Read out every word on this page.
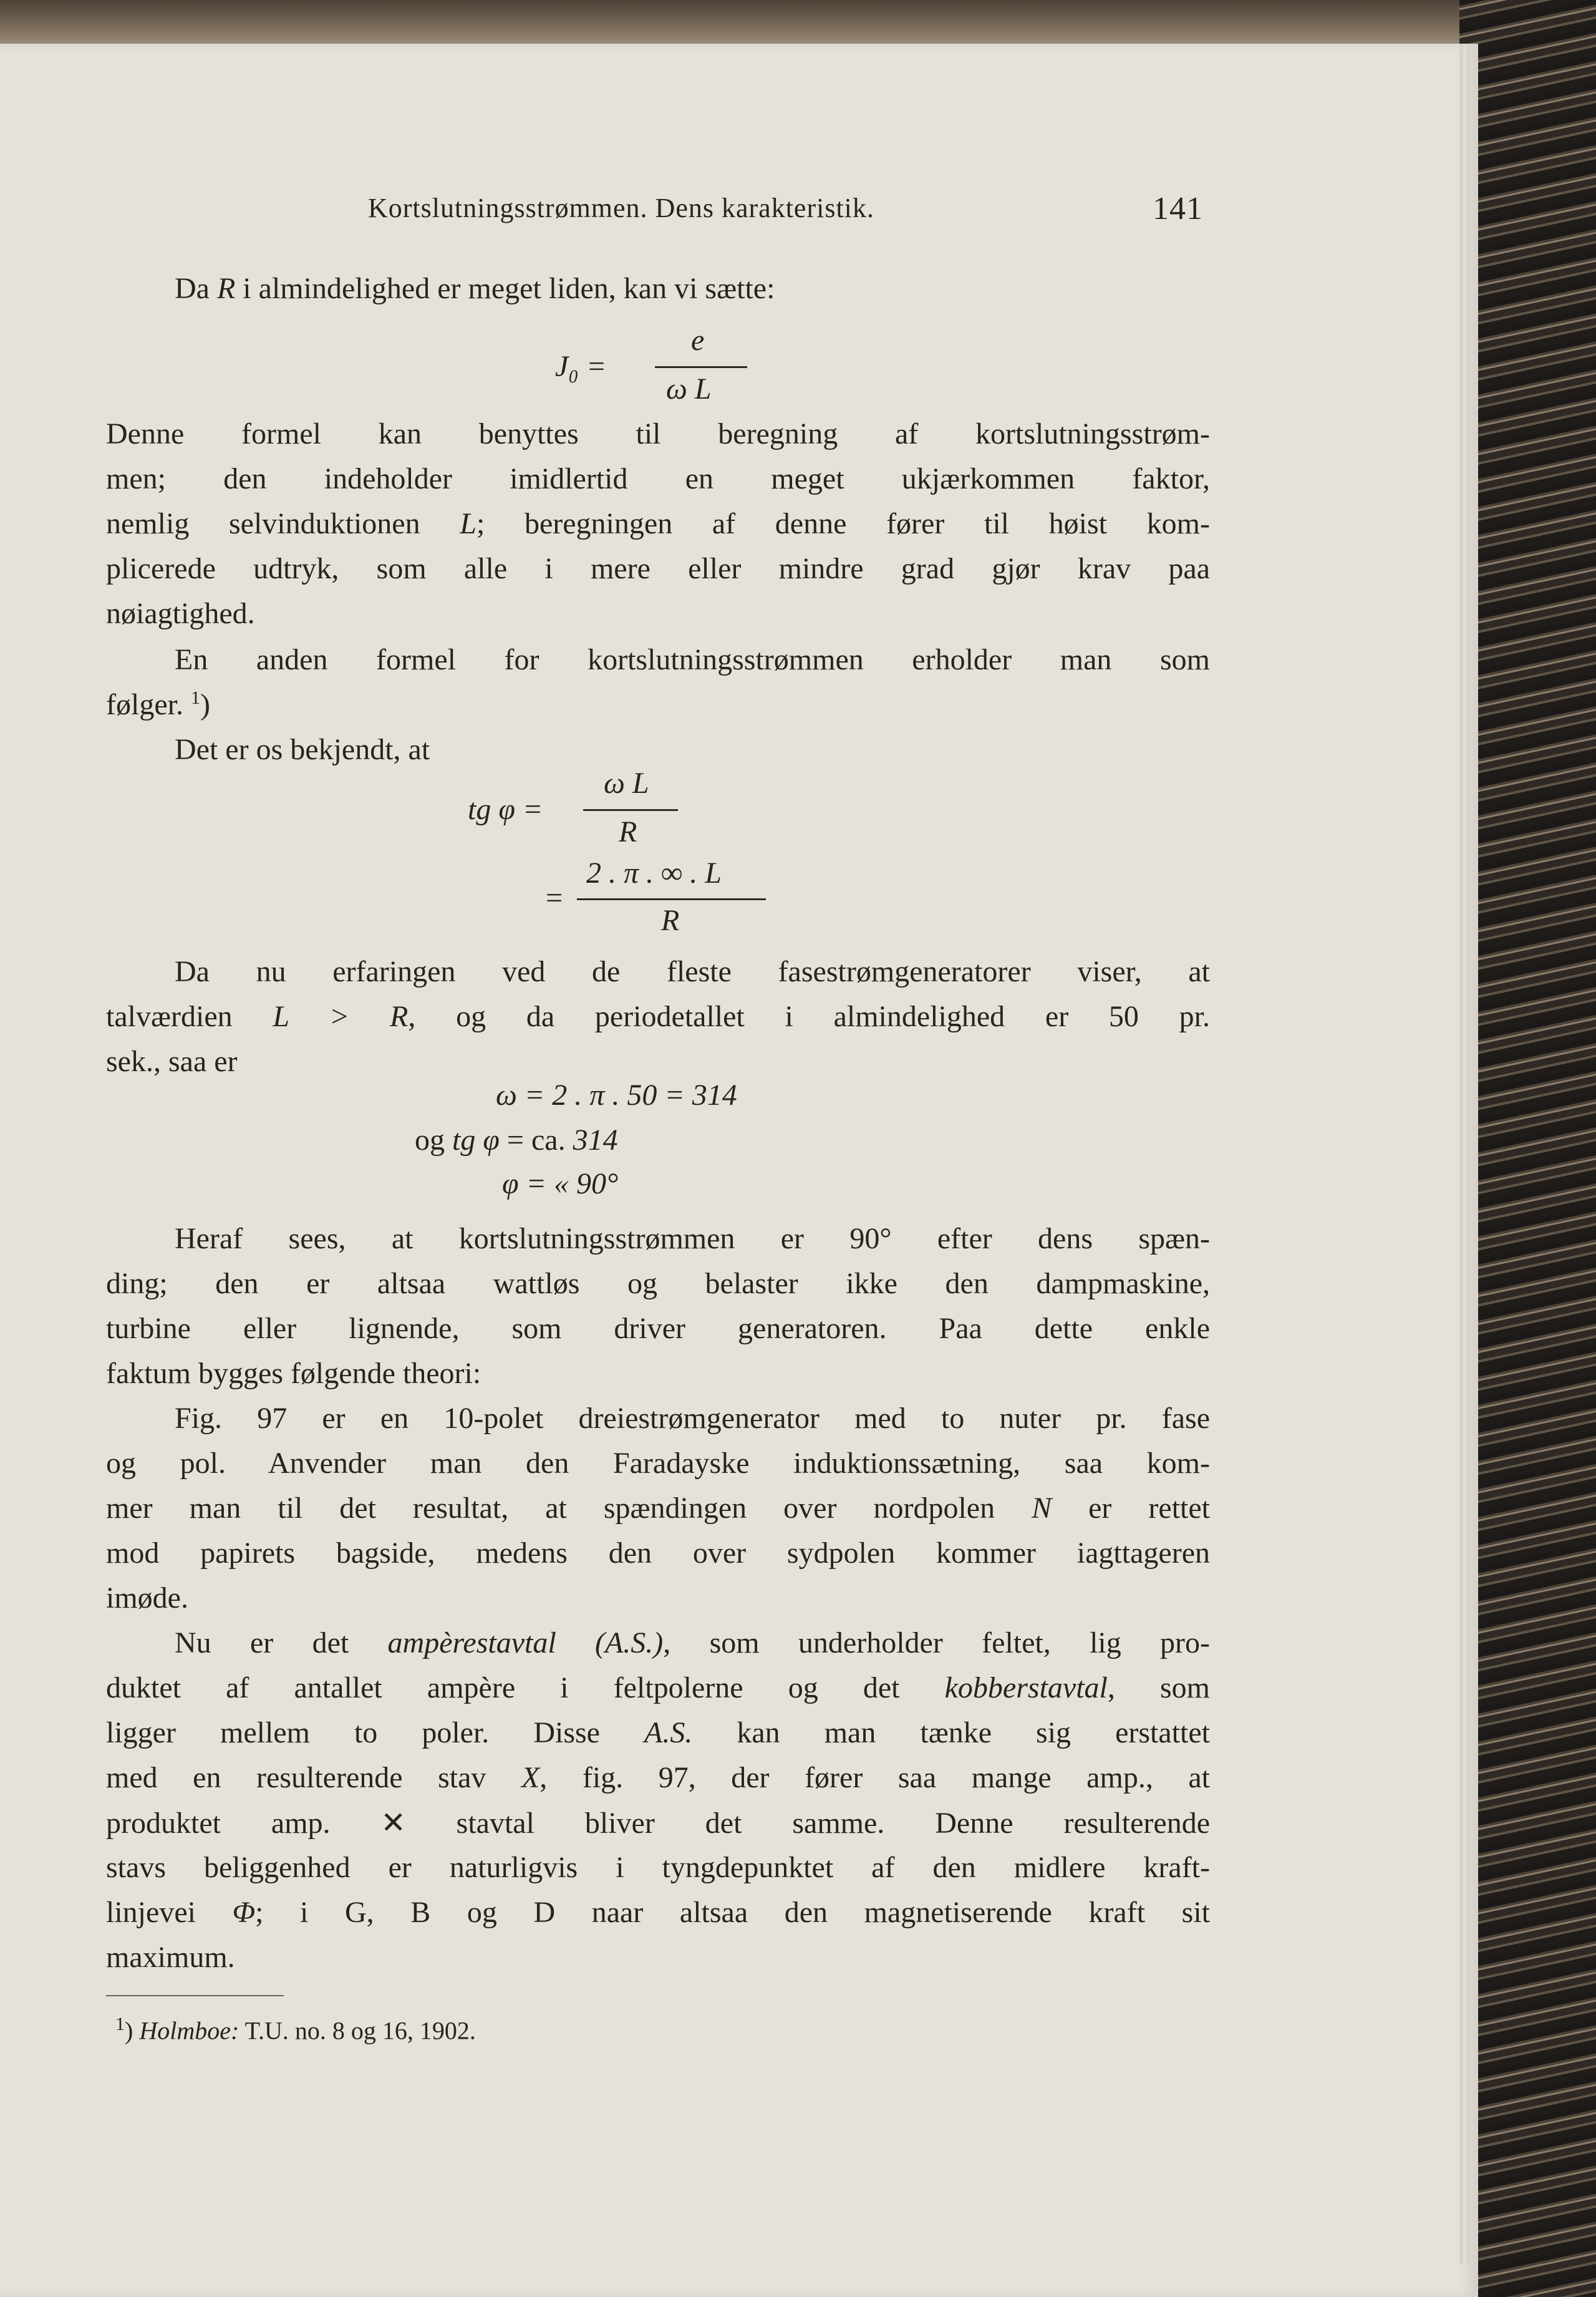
Kortslutningsstrømmen. Dens karakteristik.	141
Da R i almindelighed er meget liden, kan vi sætte:
J₀ =
e
ω L
Denne formel kan benyttes til beregning af kortslutningsstrøm-
men; den indeholder imidlertid en meget ukjærkommen faktor,
nemlig selvinduktionen L; beregningen af denne fører til høist kom-
plicerede udtryk, som alle i mere eller mindre grad gjør krav paa
nøiagtighed.
En anden formel for kortslutningsstrømmen erholder man som
følger. $^1$)
Det er os bekjendt, at
tg φ =
ω L
R
=
2 . π . ∞ . L
R
Da nu erfaringen ved de fleste fasestrømgeneratorer viser, at
talværdien L > R, og da periodetallet i almindelighed er 50 pr.
sek., saa er
ω = 2 . π . 50 = 314
og tg φ = ca. 314
φ = « 90°
Heraf sees, at kortslutningsstrømmen er 90° efter dens spæn-
ding; den er altsaa wattløs og belaster ikke den dampmaskine,
turbine eller lignende, som driver generatoren. Paa dette enkle
faktum bygges følgende theori:
Fig. 97 er en 10-polet dreiestrømgenerator med to nuter pr. fase
og pol. Anvender man den Faradayske induktionssætning, saa kom-
mer man til det resultat, at spændingen over nordpolen N er rettet
mod papirets bagside, medens den over sydpolen kommer iagttageren
imøde.
Nu er det ampèrestavtal (A.S.), som underholder feltet, lig pro-
duktet af antallet ampère i feltpolerne og det kobberstavtal, som
ligger mellem to poler. Disse A.S. kan man tænke sig erstattet
med en resulterende stav X, fig. 97, der fører saa mange amp., at
produktet amp. ✕ stavtal bliver det samme. Denne resulterende
stavs beliggenhed er naturligvis i tyngdepunktet af den midlere kraft-
linjevei Φ; i G, B og D naar altsaa den magnetiserende kraft sit
maximum.
$^1$) Holmboe: T.U. no. 8 og 16, 1902.
